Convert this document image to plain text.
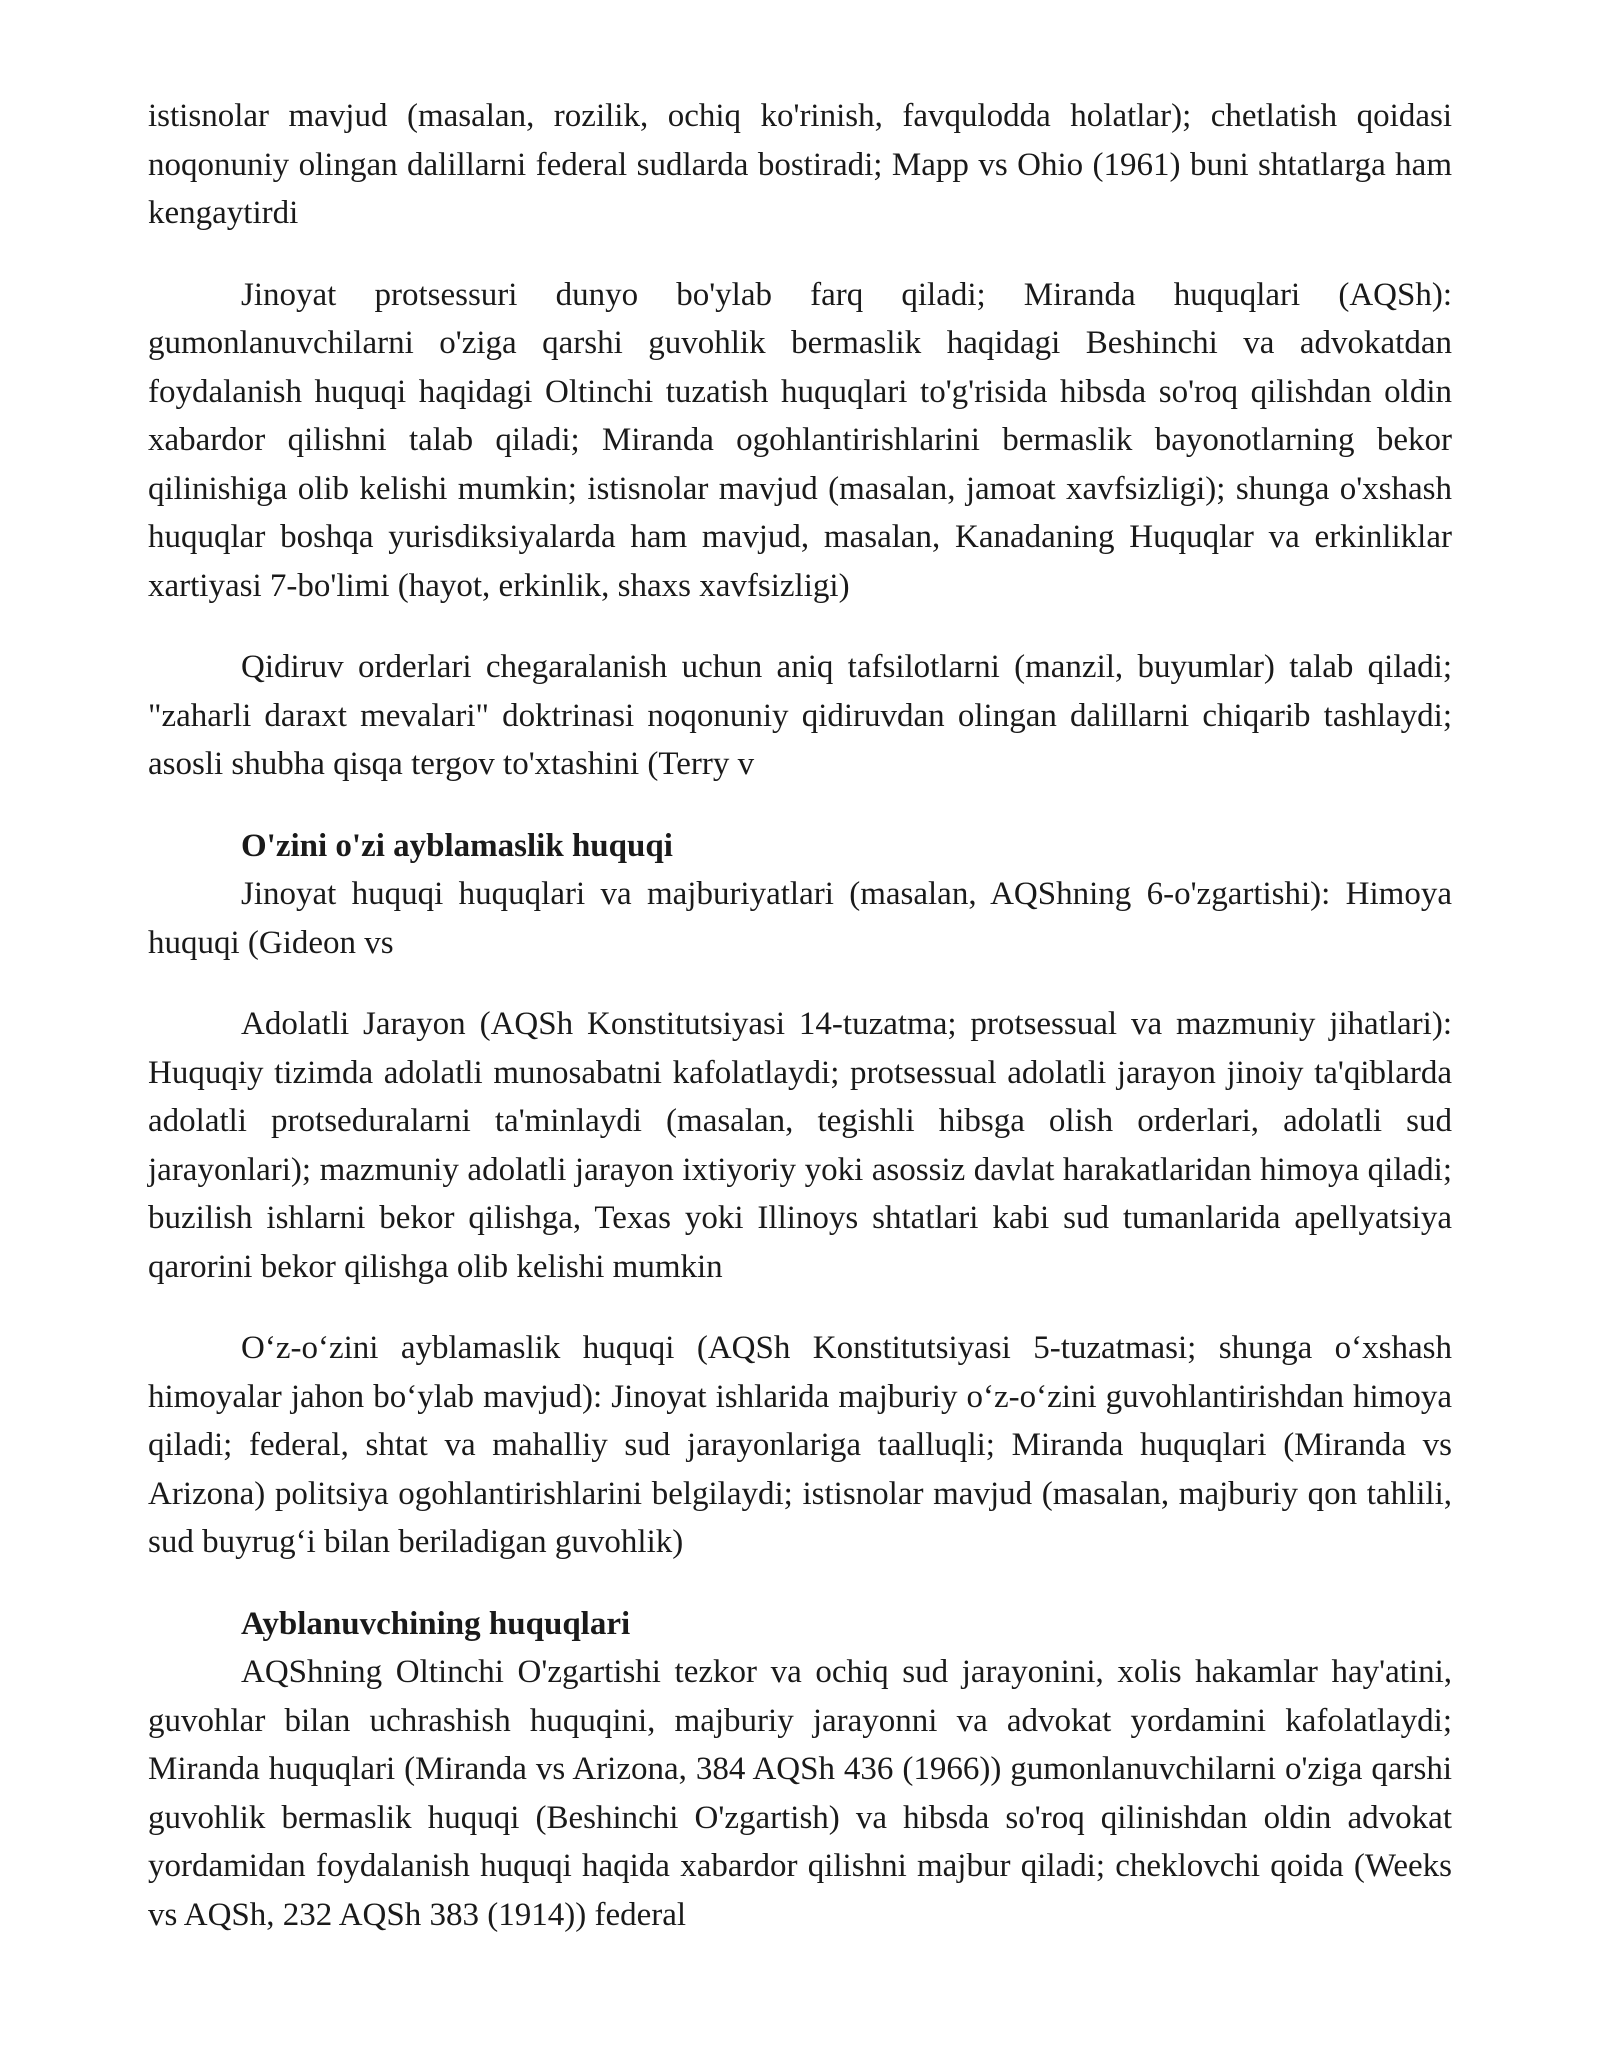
istisnolar mavjud (masalan, rozilik, ochiq ko'rinish, favqulodda holatlar); chetlatish qoidasi noqonuniy olingan dalillarni federal sudlarda bostiradi; Mapp vs Ohio (1961) buni shtatlarga ham kengaytirdi

Jinoyat protsessuri dunyo bo'ylab farq qiladi; Miranda huquqlari (AQSh): gumonlanuvchilarni o'ziga qarshi guvohlik bermaslik haqidagi Beshinchi va advokatdan foydalanish huquqi haqidagi Oltinchi tuzatish huquqlari to'g'risida hibsda so'roq qilishdan oldin xabardor qilishni talab qiladi; Miranda ogohlantirishlarini bermaslik bayonotlarning bekor qilinishiga olib kelishi mumkin; istisnolar mavjud (masalan, jamoat xavfsizligi); shunga o'xshash huquqlar boshqa yurisdiksiyalarda ham mavjud, masalan, Kanadaning Huquqlar va erkinliklar xartiyasi 7-bo'limi (hayot, erkinlik, shaxs xavfsizligi)

Qidiruv orderlari chegaralanish uchun aniq tafsilotlarni (manzil, buyumlar) talab qiladi; "zaharli daraxt mevalari" doktrinasi noqonuniy qidiruvdan olingan dalillarni chiqarib tashlaydi; asosli shubha qisqa tergov to'xtashini (Terry v

O'zini o'zi ayblamaslik huquqi

Jinoyat huquqi huquqlari va majburiyatlari (masalan, AQShning 6-o'zgartishi): Himoya huquqi (Gideon vs

Adolatli Jarayon (AQSh Konstitutsiyasi 14-tuzatma; protsessual va mazmuniy jihatlari): Huquqiy tizimda adolatli munosabatni kafolatlaydi; protsessual adolatli jarayon jinoiy ta'qiblarda adolatli protseduralarni ta'minlaydi (masalan, tegishli hibsga olish orderlari, adolatli sud jarayonlari); mazmuniy adolatli jarayon ixtiyoriy yoki asossiz davlat harakatlaridan himoya qiladi; buzilish ishlarni bekor qilishga, Texas yoki Illinoys shtatlari kabi sud tumanlarida apellyatsiya qarorini bekor qilishga olib kelishi mumkin

O‘z-o‘zini ayblamaslik huquqi (AQSh Konstitutsiyasi 5-tuzatmasi; shunga o‘xshash himoyalar jahon bo‘ylab mavjud): Jinoyat ishlarida majburiy o‘z-o‘zini guvohlantirishdan himoya qiladi; federal, shtat va mahalliy sud jarayonlariga taalluqli; Miranda huquqlari (Miranda vs Arizona) politsiya ogohlantirishlarini belgilaydi; istisnolar mavjud (masalan, majburiy qon tahlili, sud buyrug‘i bilan beriladigan guvohlik)

Ayblanuvchining huquqlari

AQShning Oltinchi O'zgartishi tezkor va ochiq sud jarayonini, xolis hakamlar hay'atini, guvohlar bilan uchrashish huquqini, majburiy jarayonni va advokat yordamini kafolatlaydi; Miranda huquqlari (Miranda vs Arizona, 384 AQSh 436 (1966)) gumonlanuvchilarni o'ziga qarshi guvohlik bermaslik huquqi (Beshinchi O'zgartish) va hibsda so'roq qilinishdan oldin advokat yordamidan foydalanish huquqi haqida xabardor qilishni majbur qiladi; cheklovchi qoida (Weeks vs AQSh, 232 AQSh 383 (1914)) federal
